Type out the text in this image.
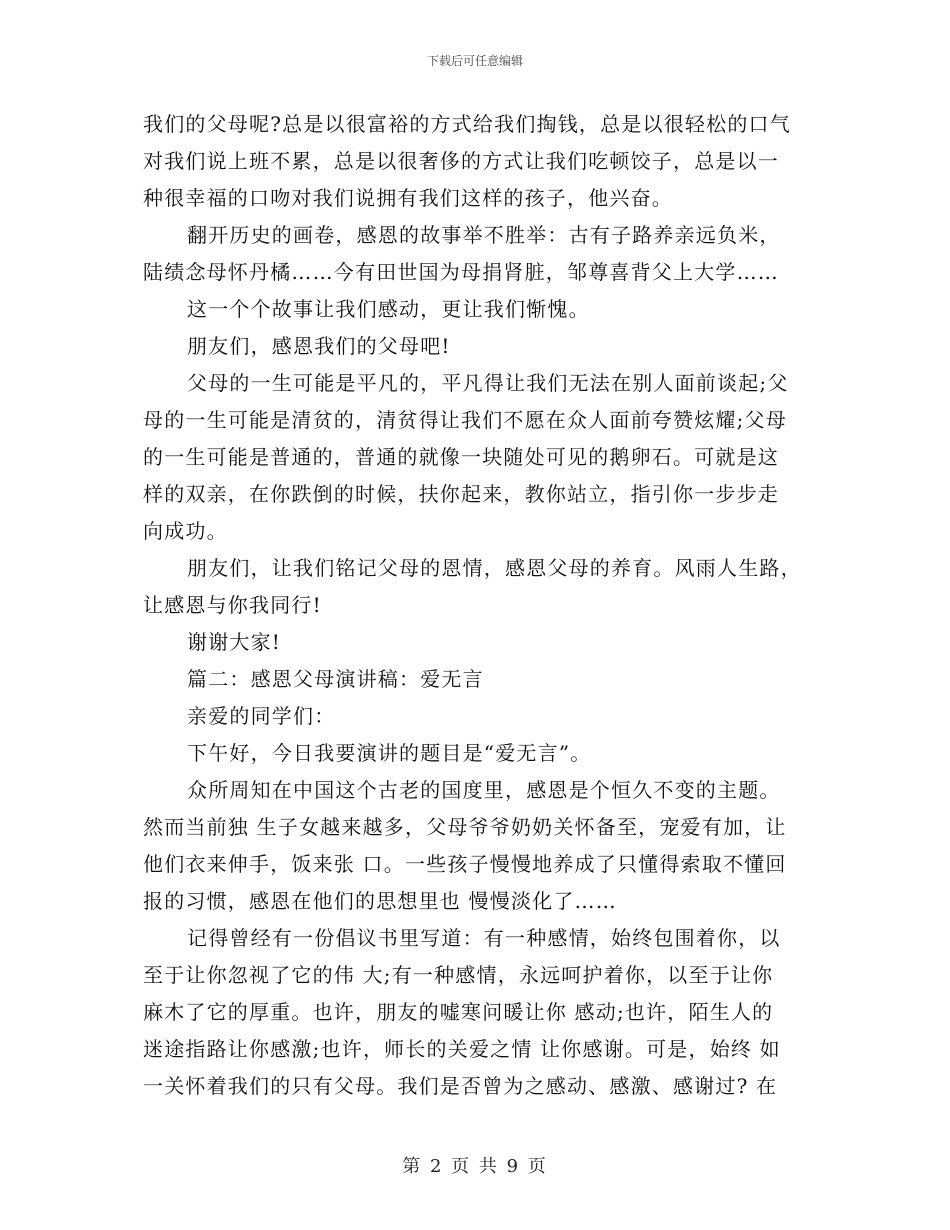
下载后可任意编辑
我们的父母呢?总是以很富裕的方式给我们掏钱，总是以很轻松的口气
对我们说上班不累，总是以很奢侈的方式让我们吃顿饺子，总是以一
种很幸福的口吻对我们说拥有我们这样的孩子，他兴奋。
翻开历史的画卷，感恩的故事举不胜举：古有子路养亲远负米，
陆绩念母怀丹橘……今有田世国为母捐肾脏，邹尊喜背父上大学……
这一个个故事让我们感动，更让我们惭愧。
朋友们，感恩我们的父母吧!
父母的一生可能是平凡的，平凡得让我们无法在别人面前谈起;父
母的一生可能是清贫的，清贫得让我们不愿在众人面前夸赞炫耀;父母
的一生可能是普通的，普通的就像一块随处可见的鹅卵石。可就是这
样的双亲，在你跌倒的时候，扶你起来，教你站立，指引你一步步走
向成功。
朋友们，让我们铭记父母的恩情，感恩父母的养育。风雨人生路，
让感恩与你我同行!
谢谢大家!
篇二：感恩父母演讲稿：爱无言
亲爱的同学们：
下午好，今日我要演讲的题目是“爱无言”。
众所周知在中国这个古老的国度里，感恩是个恒久不变的主题。
然而当前独 生子女越来越多，父母爷爷奶奶关怀备至，宠爱有加，让
他们衣来伸手，饭来张 口。一些孩子慢慢地养成了只懂得索取不懂回
报的习惯，感恩在他们的思想里也 慢慢淡化了……
记得曾经有一份倡议书里写道：有一种感情，始终包围着你，以
至于让你忽视了它的伟 大;有一种感情，永远呵护着你，以至于让你
麻木了它的厚重。也许，朋友的嘘寒问暖让你 感动;也许，陌生人的
迷途指路让你感激;也许，师长的关爱之情 让你感谢。可是，始终 如
一关怀着我们的只有父母。我们是否曾为之感动、感激、感谢过? 在
第 2 页 共 9 页
